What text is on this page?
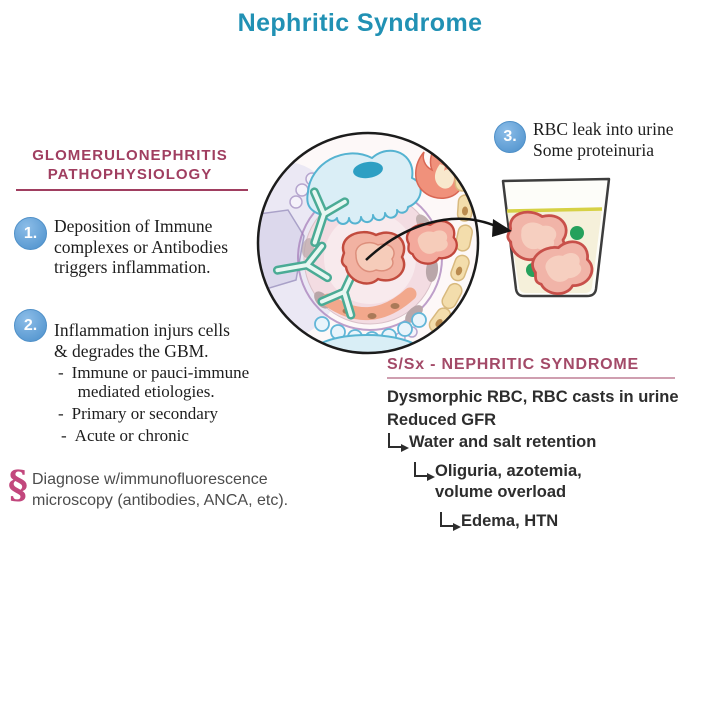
Nephritic Syndrome
GLOMERULONEPHRITIS
PATHOPHYSIOLOGY
1. Deposition of Immune
complexes or Antibodies
triggers inflammation.
2. Inflammation injurs cells
& degrades the GBM.
- Immune or pauci-immune
mediated etiologies.
- Primary or secondary
- Acute or chronic
§ Diagnose w/immunofluorescence
microscopy (antibodies, ANCA, etc).
3. RBC leak into urine
Some proteinuria
S/Sx - NEPHRITIC SYNDROME
Dysmorphic RBC, RBC casts in urine
Reduced GFR
Water and salt retention
Oliguria, azotemia,
volume overload
Edema, HTN
